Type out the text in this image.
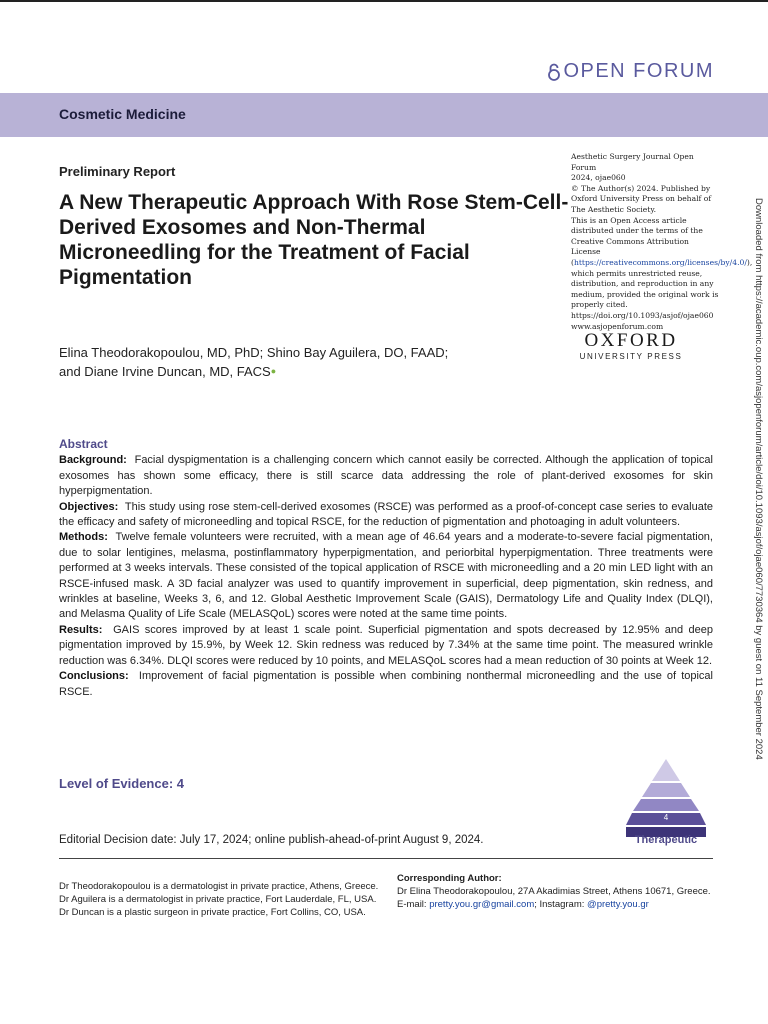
OPEN FORUM
Cosmetic Medicine
Preliminary Report
A New Therapeutic Approach With Rose Stem-Cell-Derived Exosomes and Non-Thermal Microneedling for the Treatment of Facial Pigmentation
Elina Theodorakopoulou, MD, PhD; Shino Bay Aguilera, DO, FAAD;
and Diane Irvine Duncan, MD, FACS●
Aesthetic Surgery Journal Open Forum
2024, ojae060
© The Author(s) 2024. Published by Oxford University Press on behalf of The Aesthetic Society.
This is an Open Access article distributed under the terms of the Creative Commons Attribution License (https://creativecommons.org/licenses/by/4.0/), which permits unrestricted reuse, distribution, and reproduction in any medium, provided the original work is properly cited.
https://doi.org/10.1093/asjof/ojae060
www.asjopenforum.com
OXFORD
UNIVERSITY PRESS	Downloaded from https://academic.oup.com/asjopenforum/article/doi/10.1093/asjof/ojae060/7730364 by guest on 11 September 2024
Abstract

Background: Facial dyspigmentation is a challenging concern which cannot easily be corrected. Although the application of topical exosomes has shown some efficacy, there is still scarce data addressing the role of plant-derived exosomes for skin hyperpigmentation.

Objectives: This study using rose stem-cell-derived exosomes (RSCE) was performed as a proof-of-concept case series to evaluate the efficacy and safety of microneedling and topical RSCE, for the reduction of pigmentation and photoaging in adult volunteers.

Methods: Twelve female volunteers were recruited, with a mean age of 46.64 years and a moderate-to-severe facial pigmentation, due to solar lentigines, melasma, postinflammatory hyperpigmentation, and periorbital hyperpigmentation. Three treatments were performed at 3 weeks intervals. These consisted of the topical application of RSCE with microneedling and a 20 min LED light with an RSCE-infused mask. A 3D facial analyzer was used to quantify improvement in superficial, deep pigmentation, skin redness, and wrinkles at baseline, Weeks 3, 6, and 12. Global Aesthetic Improvement Scale (GAIS), Dermatology Life and Quality Index (DLQI), and Melasma Quality of Life Scale (MELASQoL) scores were noted at the same time points.

Results: GAIS scores improved by at least 1 scale point. Superficial pigmentation and spots decreased by 12.95% and deep pigmentation improved by 15.9%, by Week 12. Skin redness was reduced by 7.34% at the same time point. The measured wrinkle reduction was 6.34%. DLQI scores were reduced by 10 points, and MELASQoL scores had a mean reduction of 30 points at Week 12.

Conclusions: Improvement of facial pigmentation is possible when combining nonthermal microneedling and the use of topical RSCE.

Level of Evidence: 4
4
Therapeutic
Editorial Decision date: July 17, 2024; online publish-ahead-of-print August 9, 2024.
Dr Theodorakopoulou is a dermatologist in private practice, Athens, Greece. Dr Aguilera is a dermatologist in private practice, Fort Lauderdale, FL, USA. Dr Duncan is a plastic surgeon in private practice, Fort Collins, CO, USA.
Corresponding Author:
Dr Elina Theodorakopoulou, 27A Akadimias Street, Athens 10671, Greece.
E-mail: pretty.you.gr@gmail.com; Instagram: @pretty.you.gr
